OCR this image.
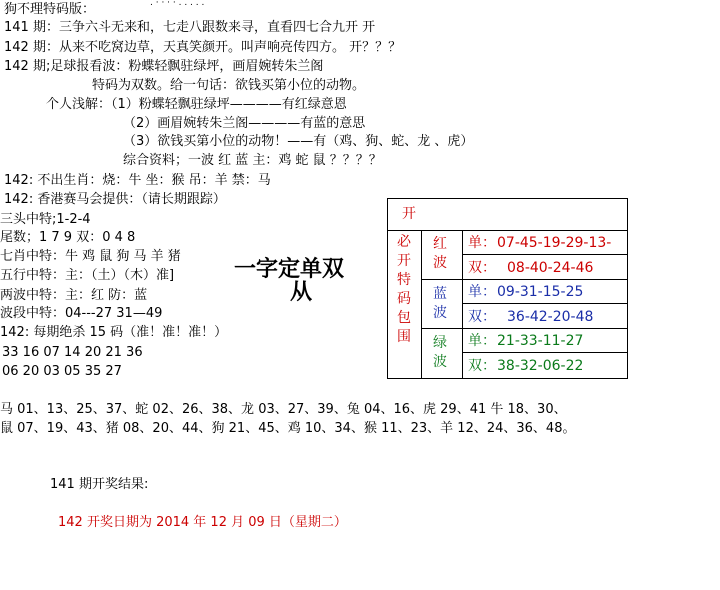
狗不理特码版：	. · · · · . . . . .
141 期：三争六斗无来和，七走八跟数来寻，直看四七合九开 开
142 期：从来不吃窝边草，天真笑颜开。叫声响亮传四方。 开？？？
142 期;足球报看波：粉蝶轻飘驻绿坪，画眉婉转朱兰阁
特码为双数。给一句话：欲钱买第小位的动物。
个人浅解：（1）粉蝶轻飘驻绿坪————有红绿意恩
（2）画眉婉转朱兰阁————有蓝的意思
（3）欲钱买第小位的动物！——有（鸡、狗、蛇、龙 、虎）
综合资料；一波 红 蓝 主：鸡 蛇 鼠 ？？？？
142: 不出生肖：烧：牛 坐：猴 吊：羊 禁：马
142: 香港赛马会提供：（请长期跟踪）
三头中特;1-2-4
尾数；1 7 9 双：0 4 8
七肖中特：牛 鸡 鼠 狗 马 羊 猪
五行中特：主：（土）（木）准]
两波中特：主：红 防：蓝
波段中特：04---27 31—49
142: 每期绝杀 15 码（准！准！准！）
33 16 07 14 20 21 36
06 20 03 05 35 27
一字定单双
从
开
必开特码包围
红波
蓝波
绿波
单： 07-45-19-29-13-
双： 08-40-24-46
单： 09-31-15-25
双： 36-42-20-48
单： 21-33-11-27
双： 38-32-06-22
马 01、13、25、37、蛇 02、26、38、龙 03、27、39、兔 04、16、虎 29、41 牛 18、30、
鼠 07、19、43、猪 08、20、44、狗 21、45、鸡 10、34、猴 11、23、羊 12、24、36、48。
141 期开奖结果:
142 开奖日期为 2014 年 12 月 09 日（星期二）
